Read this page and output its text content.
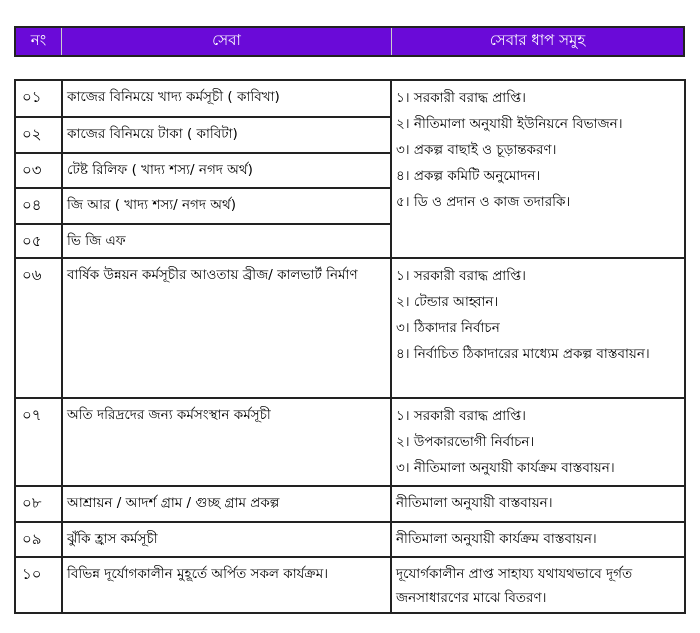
নং	সেবা	সেবার ধাপ সমুহ
০১	কাজের বিনিময়ে খাদ্য কর্মসূচী ( কাবিখা)	১। সরকারী বরাদ্ধ প্রাপ্তি।
২। নীতিমালা অনুযায়ী ইউনিয়নে বিভাজন।
৩। প্রকল্প বাছাই ও চূড়ান্তকরণ।
৪। প্রকল্প কমিটি অনুমোদন।
৫। ডি ও প্রদান ও কাজ তদারকি।

০২	কাজের বিনিময়ে টাকা ( কাবিটা)	
০৩	টেষ্ট রিলিফ ( খাদ্য শস্য/ নগদ অর্থ)	
০৪	জি আর ( খাদ্য শস্য/ নগদ অর্থ)	
০৫	ভি জি এফ	
০৬	বার্ষিক উন্নয়ন কর্মসূচীর আওতায় ব্রীজ/ কালভার্ট নির্মাণ	১। সরকারী বরাদ্ধ প্রাপ্তি।
২। টেন্ডার আহ্বান।
৩। ঠিকাদার নির্বাচন
৪। নির্বাচিত ঠিকাদারের মাধ্যেম প্রকল্প বাস্তবায়ন।

০৭	অতি দরিদ্রদের জন্য কর্মসংস্থান কর্মসূচী	১। সরকারী বরাদ্ধ প্রাপ্তি।
২। উপকারভোগী নির্বাচন।
৩। নীতিমালা অনুযায়ী কার্যক্রম বাস্তবায়ন।

০৮	আশ্রায়ন / আদর্শ গ্রাম / গুচ্ছ গ্রাম প্রকল্প	নীতিমালা অনুযায়ী বাস্তবায়ন।
০৯	ঝুঁকি হ্রাস কর্মসূচী	নীতিমালা অনুযায়ী কার্যক্রম বাস্তবায়ন।
১০	বিভিন্ন দূর্যোগকালীন মুহূর্তে অর্পিত সকল কার্যক্রম।	দূযোর্গকালীন প্রাপ্ত সাহায্য যথাযথভাবে দূর্গত জনসাধারণের মাঝে বিতরণ।
